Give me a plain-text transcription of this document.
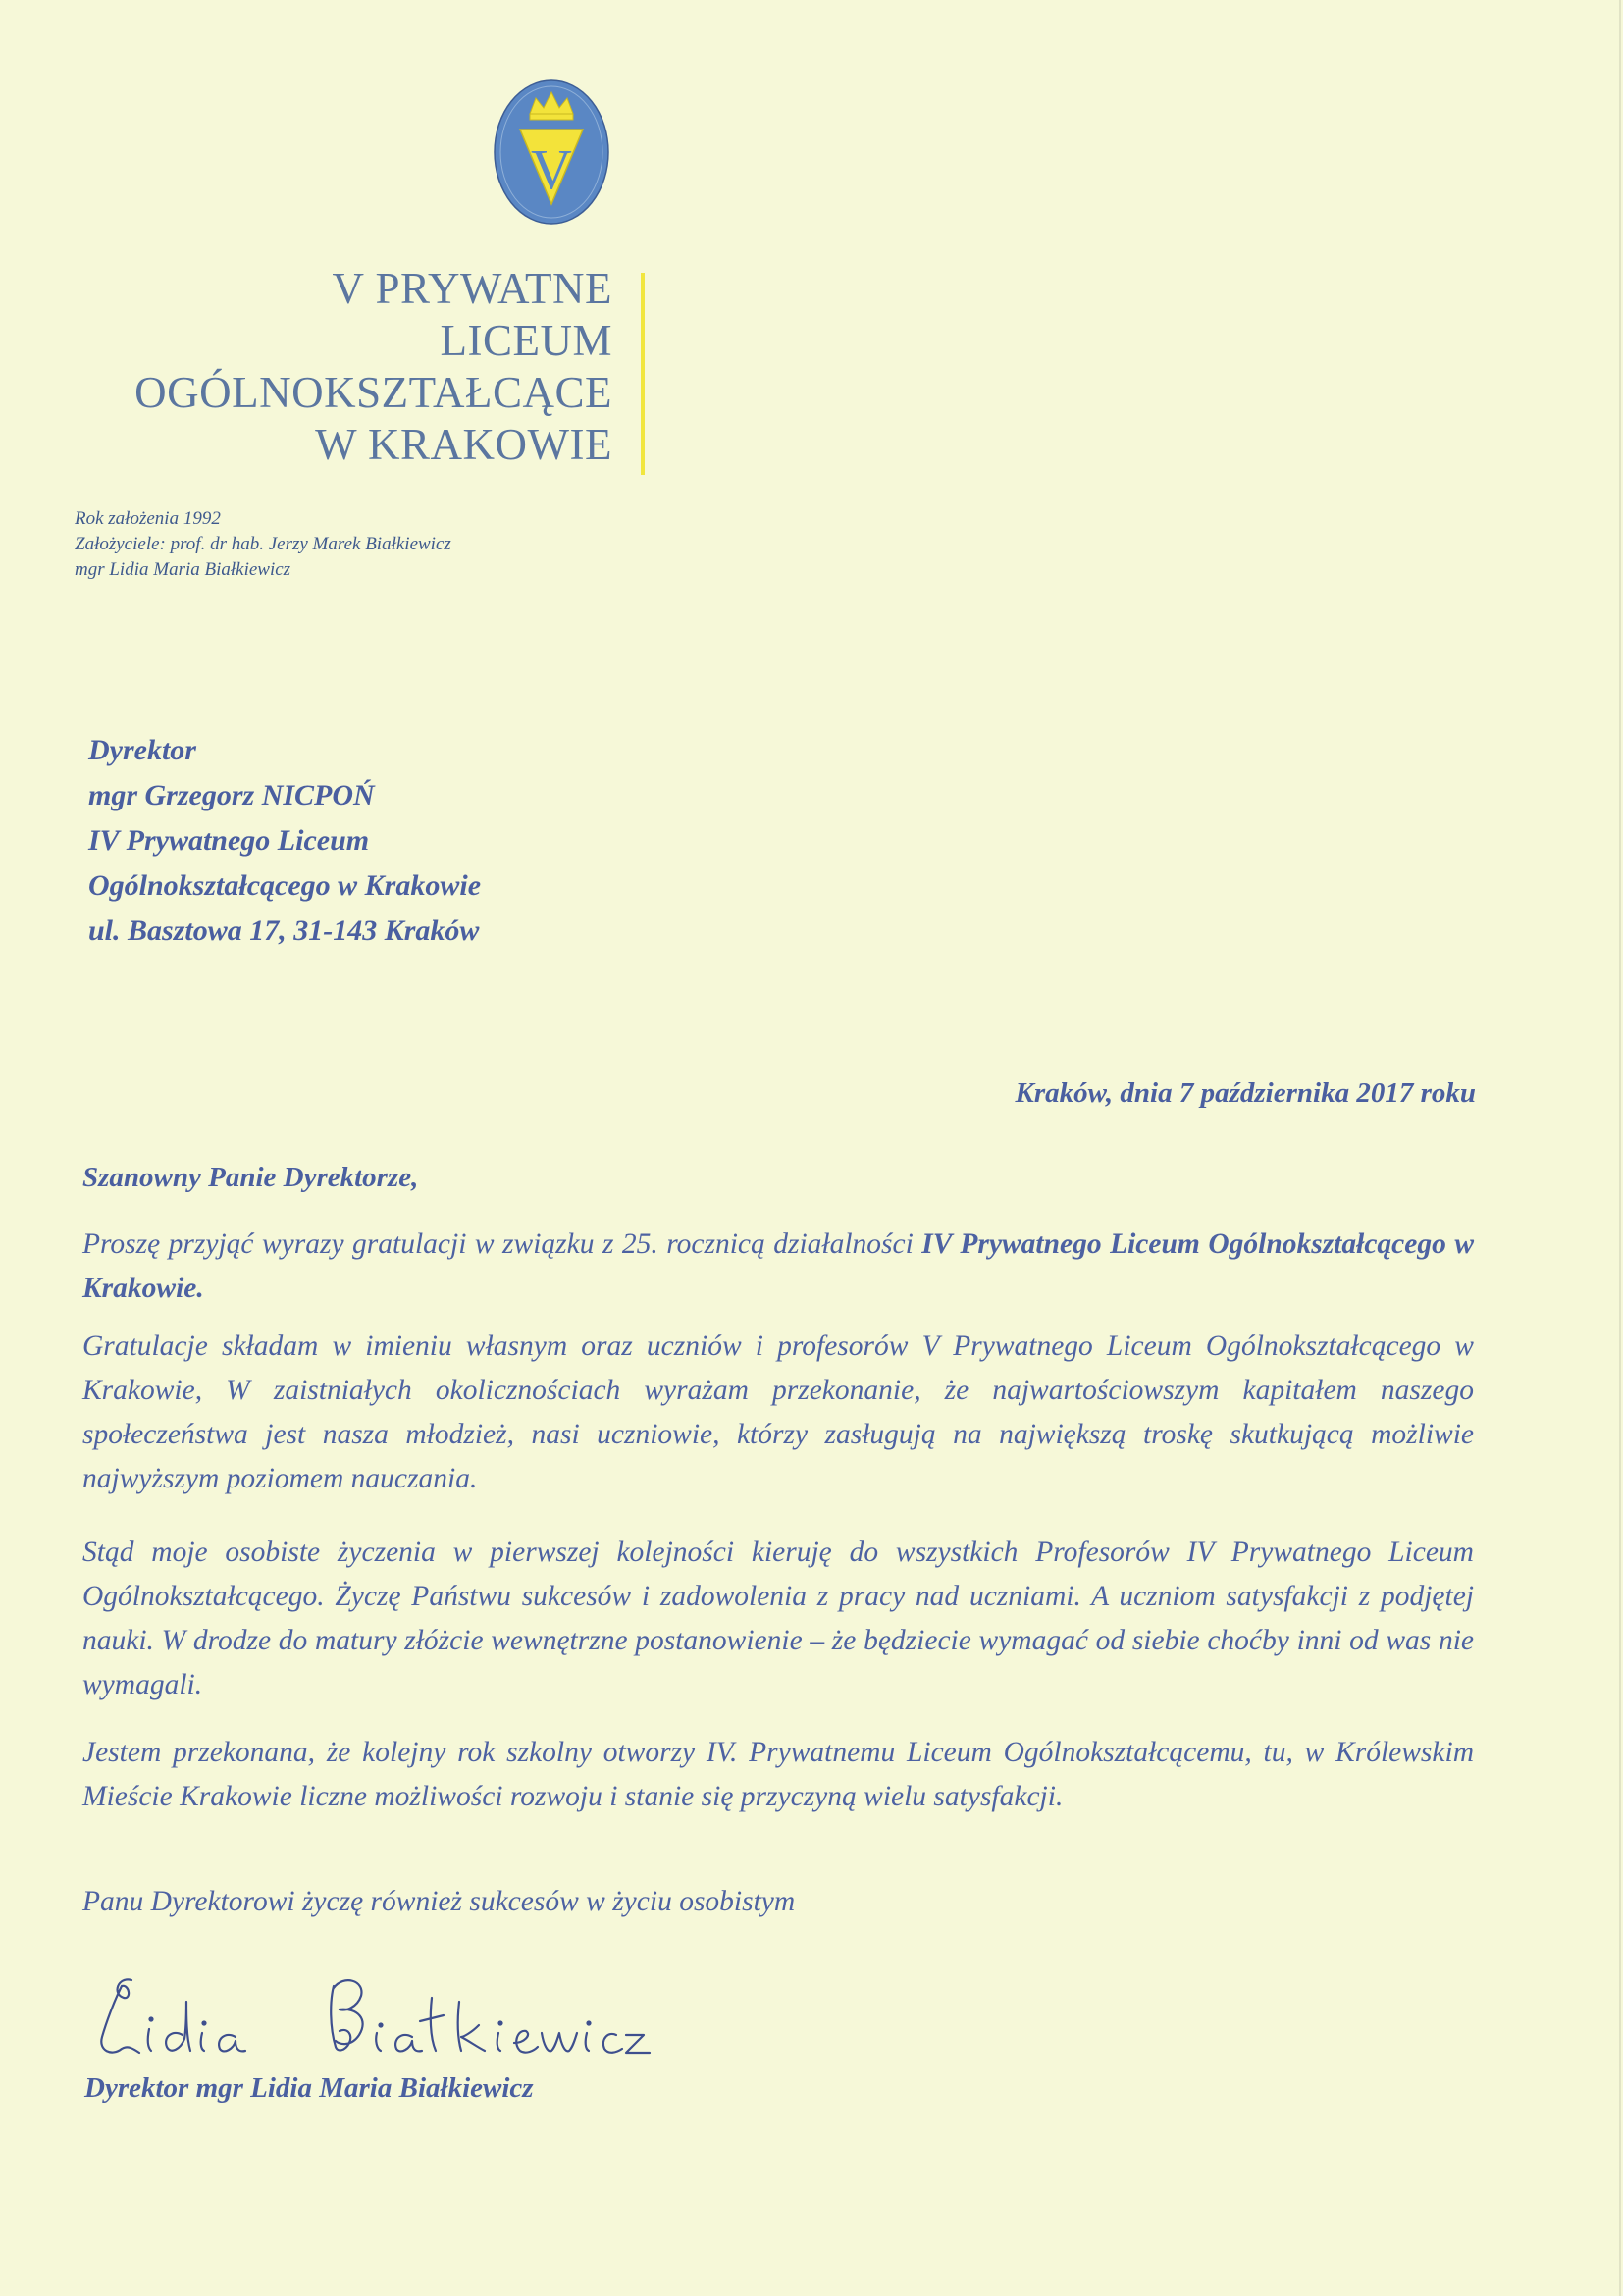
V
V PRYWATNE
LICEUM
OGÓLNOKSZTAŁCĄCE
W KRAKOWIE
Rok założenia 1992
Założyciele: prof. dr hab. Jerzy Marek Białkiewicz
mgr Lidia Maria Białkiewicz
Dyrektor
mgr Grzegorz NICPOŃ
IV Prywatnego Liceum
Ogólnokształcącego w Krakowie
ul. Basztowa 17, 31-143 Kraków
Kraków, dnia 7 października 2017 roku
Szanowny Panie Dyrektorze,

Proszę przyjąć wyrazy gratulacji w związku z 25. rocznicą działalności IV Prywatnego Liceum Ogólnokształcącego w Krakowie.

Gratulacje składam w imieniu własnym oraz uczniów i profesorów V Prywatnego Liceum Ogólnokształcącego w Krakowie, W zaistniałych okolicznościach wyrażam przekonanie, że najwartościowszym kapitałem naszego społeczeństwa jest nasza młodzież, nasi uczniowie, którzy zasługują na największą troskę skutkującą możliwie najwyższym poziomem nauczania.

Stąd moje osobiste życzenia w pierwszej kolejności kieruję do wszystkich Profesorów IV Prywatnego Liceum Ogólnokształcącego. Życzę Państwu sukcesów i zadowolenia z pracy nad uczniami. A uczniom satysfakcji z podjętej nauki. W drodze do matury złóżcie wewnętrzne postanowienie – że będziecie wymagać od siebie choćby inni od was nie wymagali.

Jestem przekonana, że kolejny rok szkolny otworzy IV. Prywatnemu Liceum Ogólnokształcącemu, tu, w Królewskim Mieście Krakowie liczne możliwości rozwoju i stanie się przyczyną wielu satysfakcji.

Panu Dyrektorowi życzę również sukcesów w życiu osobistym

Dyrektor mgr Lidia Maria Białkiewicz
